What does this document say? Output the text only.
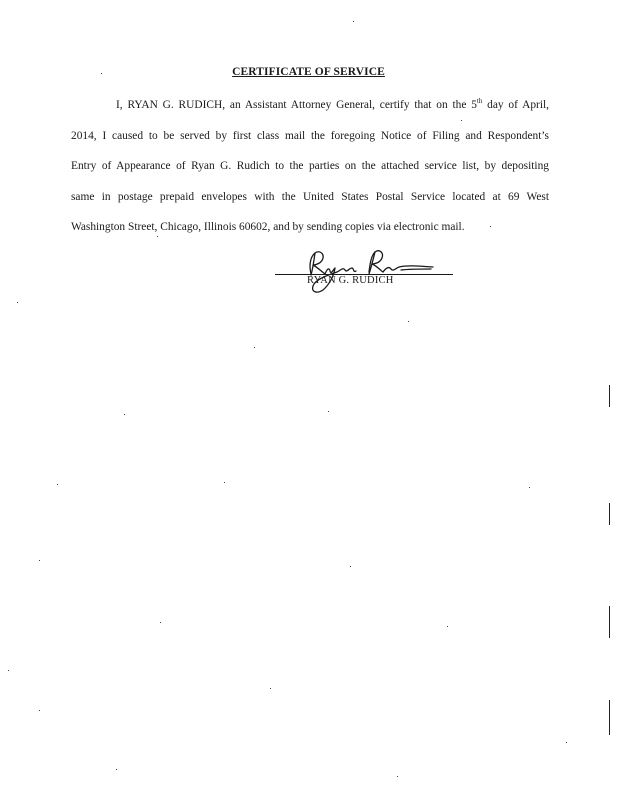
CERTIFICATE OF SERVICE
I, RYAN G. RUDICH, an Assistant Attorney General, certify that on the 5th day of April,
2014, I caused to be served by first class mail the foregoing Notice of Filing and Respondent’s
Entry of Appearance of Ryan G. Rudich to the parties on the attached service list, by depositing
same in postage prepaid envelopes with the United States Postal Service located at 69 West
Washington Street, Chicago, Illinois 60602, and by sending copies via electronic mail.
RYAN G. RUDICH
